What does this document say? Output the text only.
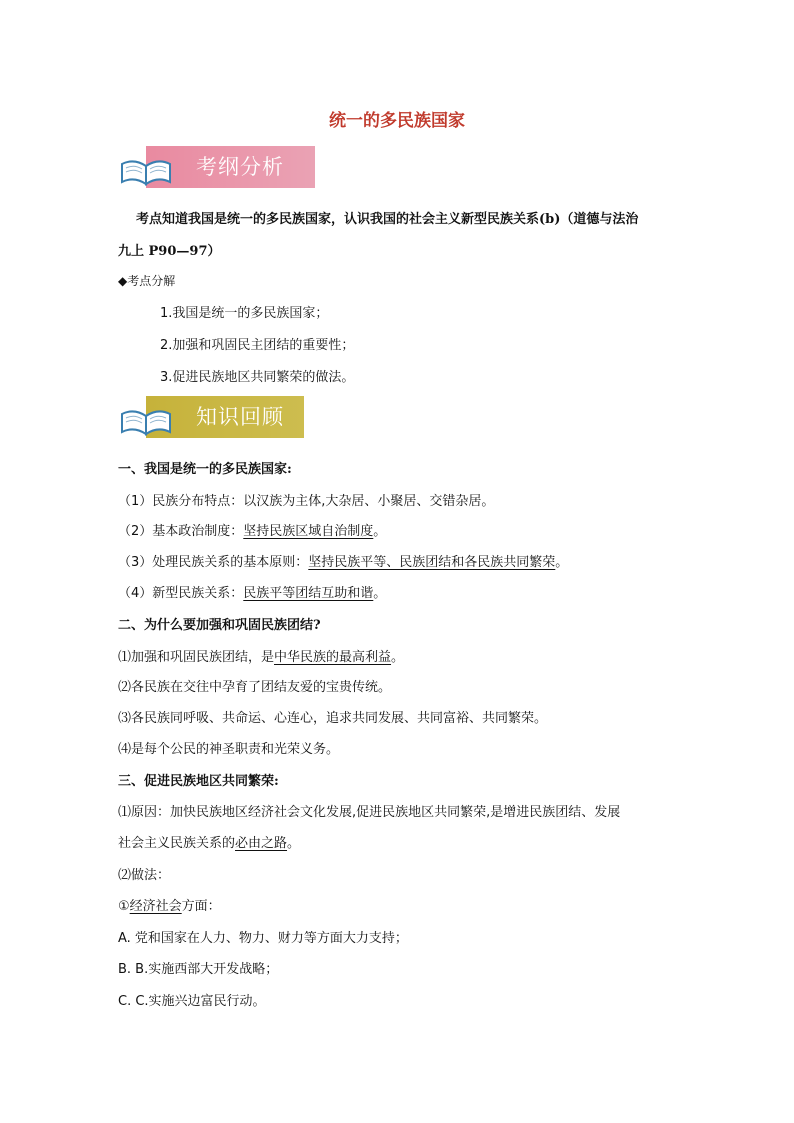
统一的多民族国家
考纲分析
考点知道我国是统一的多民族国家，认识我国的社会主义新型民族关系(b)（道德与法治
九上 P90—97）
◆考点分解
1.我国是统一的多民族国家；
2.加强和巩固民主团结的重要性；
3.促进民族地区共同繁荣的做法。
知识回顾
一、我国是统一的多民族国家:
（1）民族分布特点：以汉族为主体,大杂居、小聚居、交错杂居。
（2）基本政治制度：坚持民族区域自治制度。
（3）处理民族关系的基本原则：坚持民族平等、民族团结和各民族共同繁荣。
（4）新型民族关系：民族平等团结互助和谐。
二、为什么要加强和巩固民族团结?
⑴加强和巩固民族团结，是中华民族的最高利益。
⑵各民族在交往中孕育了团结友爱的宝贵传统。
⑶各民族同呼吸、共命运、心连心，追求共同发展、共同富裕、共同繁荣。
⑷是每个公民的神圣职责和光荣义务。
三、促进民族地区共同繁荣:
⑴原因：加快民族地区经济社会文化发展,促进民族地区共同繁荣,是增进民族团结、发展
社会主义民族关系的必由之路。
⑵做法：
①经济社会方面：
A. 党和国家在人力、物力、财力等方面大力支持；
B. B.实施西部大开发战略；
C. C.实施兴边富民行动。
